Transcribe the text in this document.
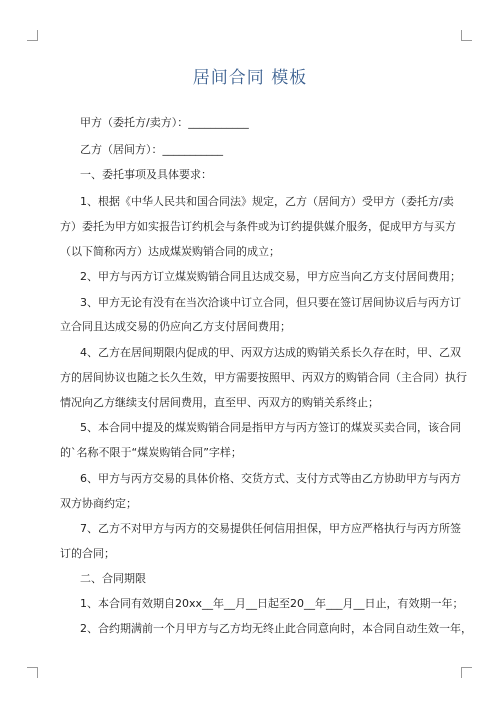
居间合同 模板
甲方（委托方/卖方）：___________
乙方（居间方）：___________
一、委托事项及具体要求：
1、根据《中华人民共和国合同法》规定，乙方（居间方）受甲方（委托方/卖
方）委托为甲方如实报告订约机会与条件或为订约提供媒介服务，促成甲方与买方
（以下简称丙方）达成煤炭购销合同的成立；
2、甲方与丙方订立煤炭购销合同且达成交易，甲方应当向乙方支付居间费用；
3、甲方无论有没有在当次洽谈中订立合同，但只要在签订居间协议后与丙方订
立合同且达成交易的仍应向乙方支付居间费用；
4、乙方在居间期限内促成的甲、丙双方达成的购销关系长久存在时，甲、乙双
方的居间协议也随之长久生效，甲方需要按照甲、丙双方的购销合同（主合同）执行
情况向乙方继续支付居间费用，直至甲、丙双方的购销关系终止；
5、本合同中提及的煤炭购销合同是指甲方与丙方签订的煤炭买卖合同，该合同
的`名称不限于“煤炭购销合同”字样；
6、甲方与丙方交易的具体价格、交货方式、支付方式等由乙方协助甲方与丙方
双方协商约定；
7、乙方不对甲方与丙方的交易提供任何信用担保，甲方应严格执行与丙方所签
订的合同；
二、合同期限
1、本合同有效期自20xx__年__月__日起至20__年___月__日止，有效期一年；
2、合约期满前一个月甲方与乙方均无终止此合同意向时，本合同自动生效一年，
